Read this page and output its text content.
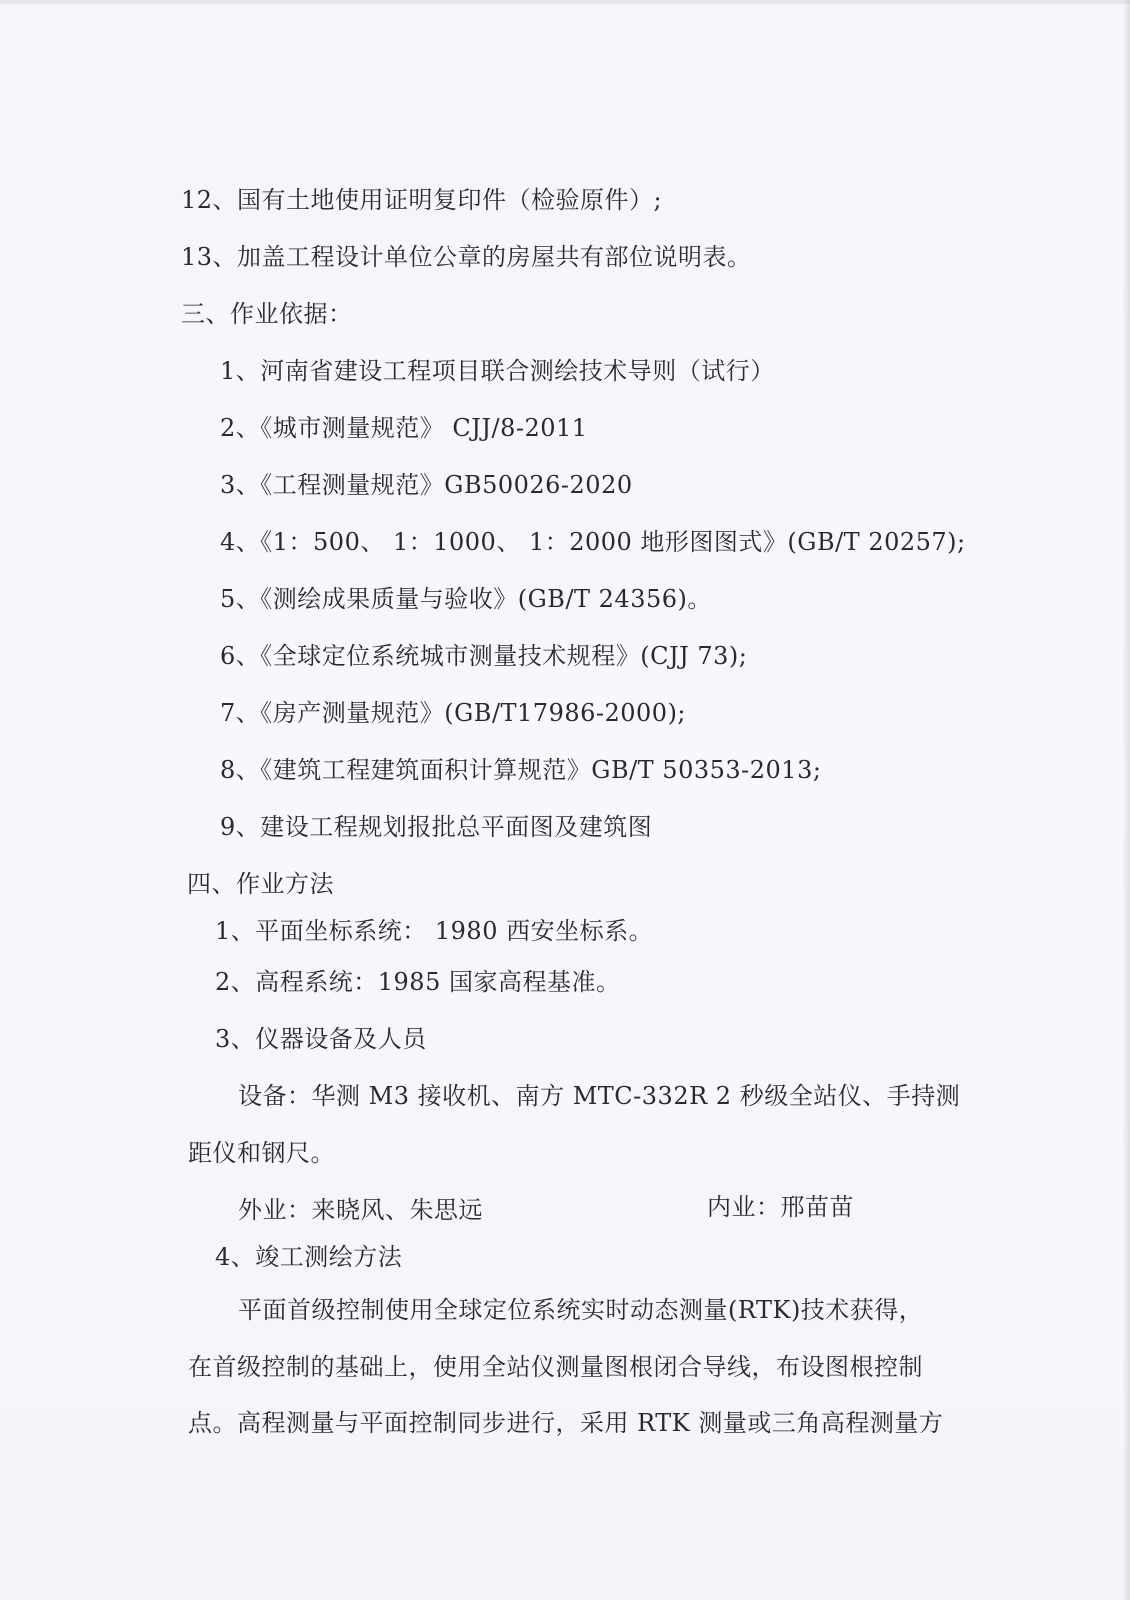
12、国有土地使用证明复印件（检验原件）;
13、加盖工程设计单位公章的房屋共有部位说明表。
三、作业依据：
1、河南省建设工程项目联合测绘技术导则（试行）
2、《城市测量规范》 CJJ/8-2011
3、《工程测量规范》GB50026-2020
4、《1：500、 1：1000、 1：2000 地形图图式》(GB/T 20257);
5、《测绘成果质量与验收》(GB/T 24356)。
6、《全球定位系统城市测量技术规程》(CJJ 73);
7、《房产测量规范》(GB/T17986-2000);
8、《建筑工程建筑面积计算规范》GB/T 50353-2013;
9、建设工程规划报批总平面图及建筑图
四、作业方法
1、平面坐标系统： 1980 西安坐标系。
2、高程系统：1985 国家高程基准。
3、仪器设备及人员
设备：华测 M3 接收机、南方 MTC-332R 2 秒级全站仪、手持测
距仪和钢尺。
外业：来晓风、朱思远	内业：邢苗苗
4、竣工测绘方法
平面首级控制使用全球定位系统实时动态测量(RTK)技术获得，
在首级控制的基础上，使用全站仪测量图根闭合导线，布设图根控制
点。高程测量与平面控制同步进行，采用 RTK 测量或三角高程测量方
